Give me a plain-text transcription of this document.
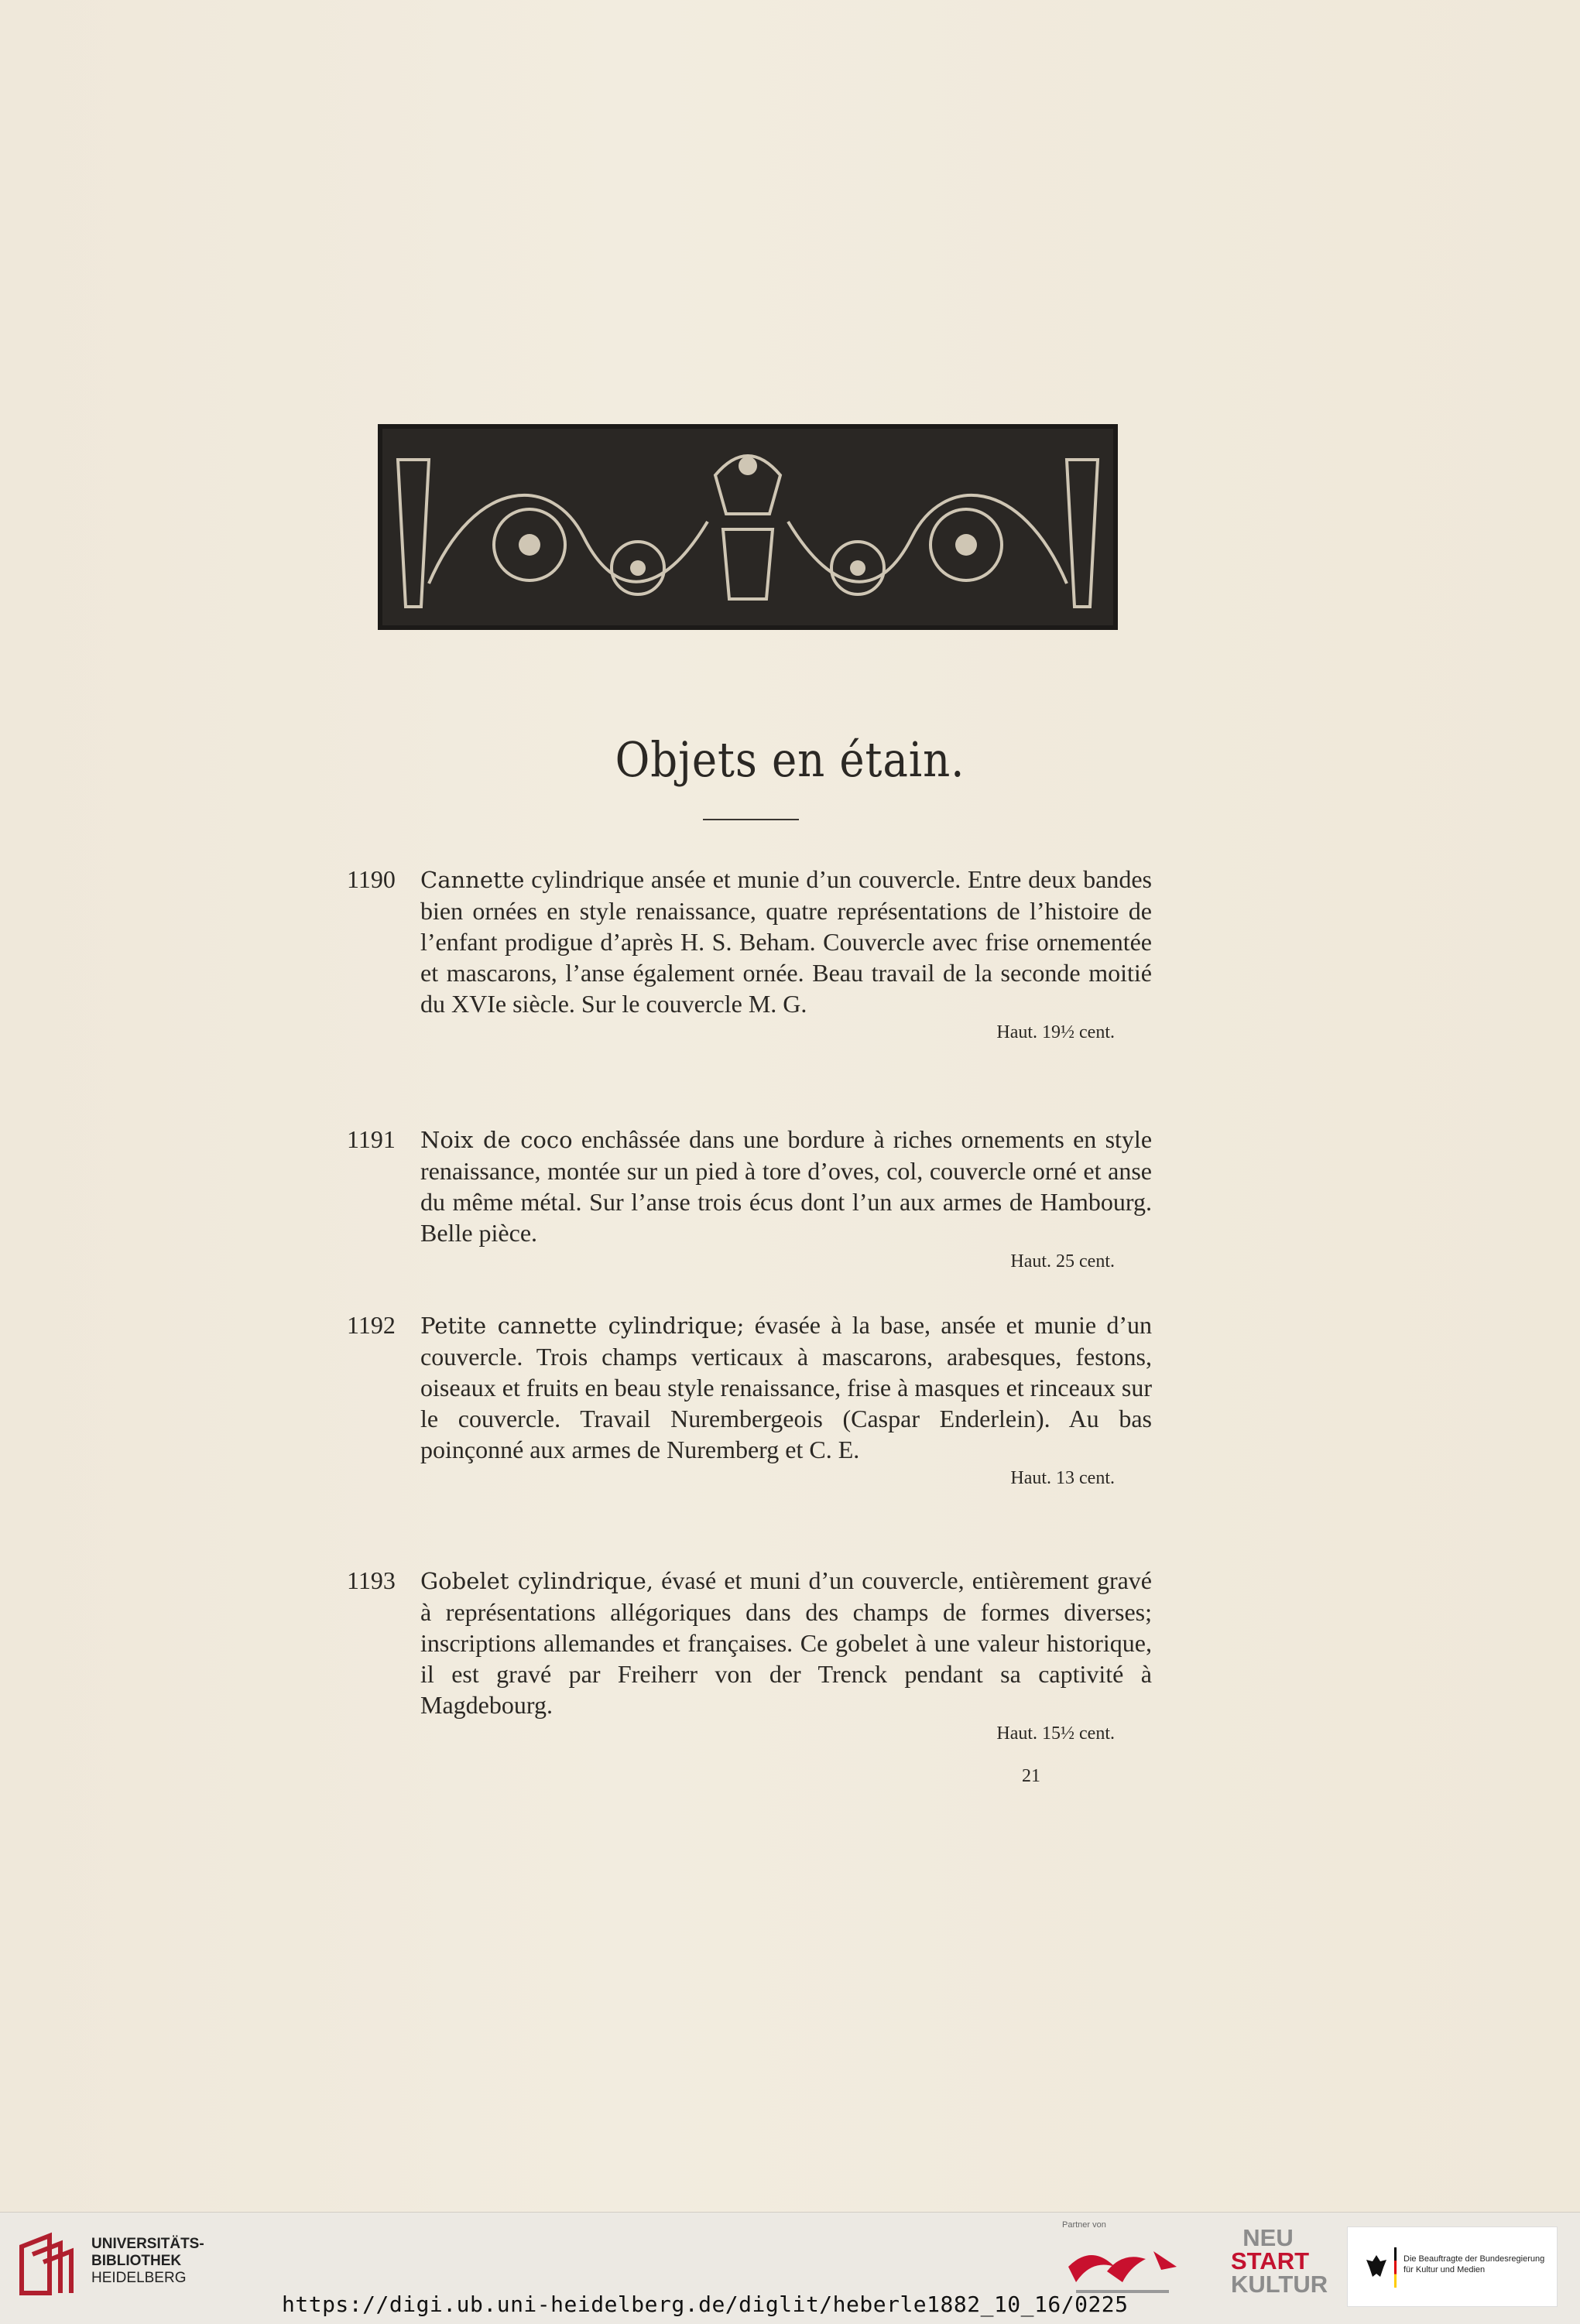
Objets en étain.
1190 Cannette cylindrique ansée et munie d’un couvercle. Entre deux bandes bien ornées en style renaissance, quatre représentations de l’histoire de l’enfant prodigue d’après H. S. Beham. Couvercle avec frise ornementée et mascarons, l’anse également ornée. Beau travail de la seconde moitié du XVIe siècle. Sur le couvercle M. G.
Haut. 19½ cent.
1191 Noix de coco enchâssée dans une bordure à riches ornements en style renaissance, montée sur un pied à tore d’oves, col, couvercle orné et anse du même métal. Sur l’anse trois écus dont l’un aux armes de Hambourg. Belle pièce.
Haut. 25 cent.
1192 Petite cannette cylindrique; évasée à la base, ansée et munie d’un couvercle. Trois champs verticaux à mascarons, arabesques, festons, oiseaux et fruits en beau style renaissance, frise à masques et rinceaux sur le couvercle. Travail Nurembergeois (Caspar Enderlein). Au bas poinçonné aux armes de Nuremberg et C. E.
Haut. 13 cent.
1193 Gobelet cylindrique, évasé et muni d’un couvercle, entièrement gravé à représentations allégoriques dans des champs de formes diverses; inscriptions allemandes et françaises. Ce gobelet à une valeur historique, il est gravé par Freiherr von der Trenck pendant sa captivité à Magdebourg.
Haut. 15½ cent.
21
UNIVERSITÄTS-
BIBLIOTHEK
HEIDELBERG
Partner von	NEU
START
KULTUR
Die Beauftragte der Bundesregierung
für Kultur und Medien
https://digi.ub.uni-heidelberg.de/diglit/heberle1882_10_16/0225
